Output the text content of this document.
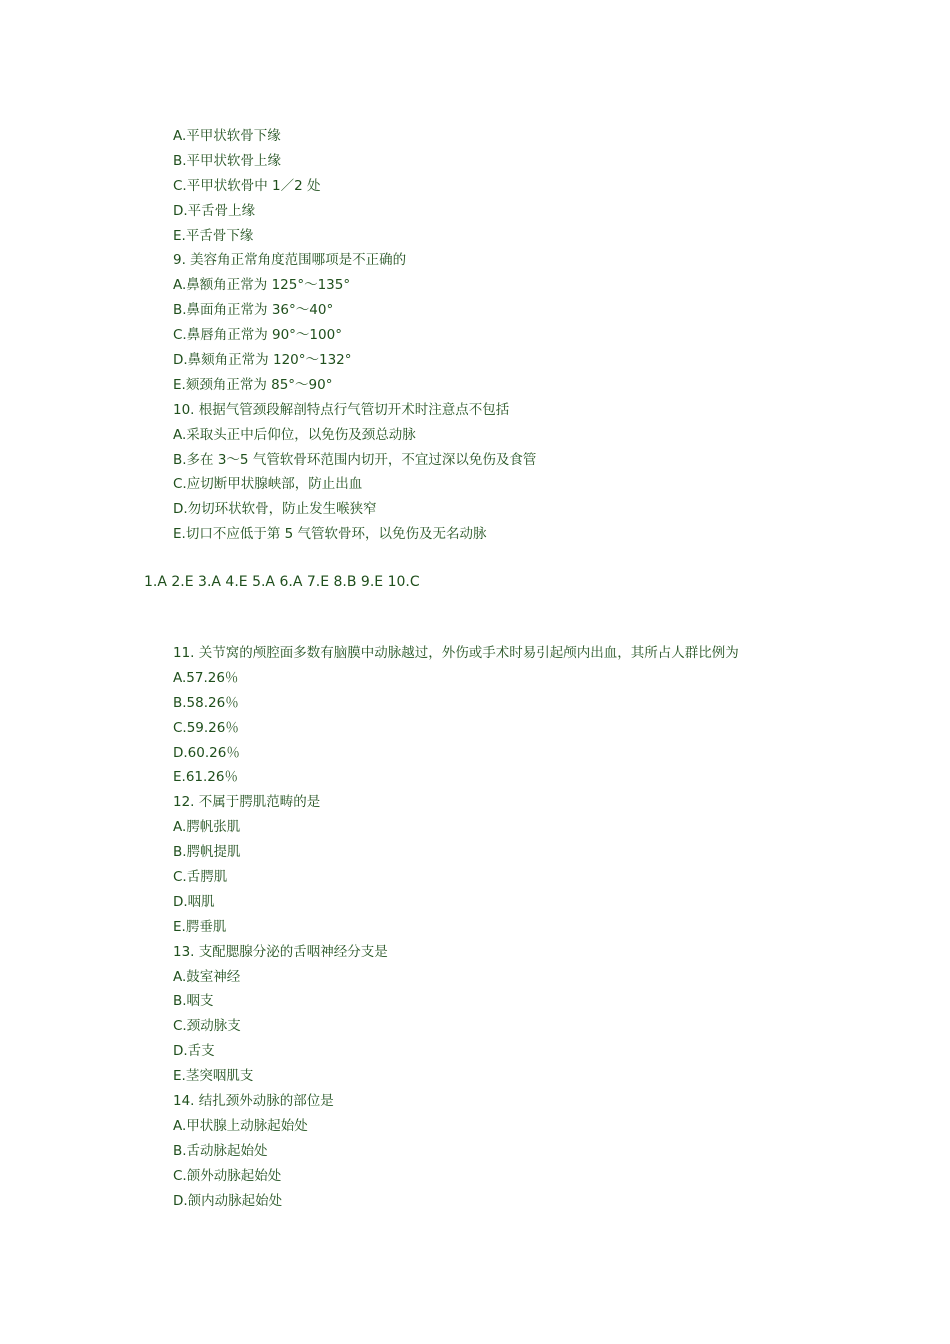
A.平甲状软骨下缘
B.平甲状软骨上缘
C.平甲状软骨中 1／2 处
D.平舌骨上缘
E.平舌骨下缘
9. 美容角正常角度范围哪项是不正确的
A.鼻额角正常为 125°～135°
B.鼻面角正常为 36°～40°
C.鼻唇角正常为 90°～100°
D.鼻颏角正常为 120°～132°
E.颏颈角正常为 85°～90°
10. 根据气管颈段解剖特点行气管切开术时注意点不包括
A.采取头正中后仰位，以免伤及颈总动脉
B.多在 3～5 气管软骨环范围内切开，不宜过深以免伤及食管
C.应切断甲状腺峡部，防止出血
D.勿切环状软骨，防止发生喉狭窄
E.切口不应低于第 5 气管软骨环，以免伤及无名动脉
1.A 2.E 3.A 4.E 5.A 6.A 7.E 8.B 9.E 10.C
11. 关节窝的颅腔面多数有脑膜中动脉越过，外伤或手术时易引起颅内出血，其所占人群比例为
A.57.26％
B.58.26％
C.59.26％
D.60.26％
E.61.26％
12. 不属于腭肌范畴的是
A.腭帆张肌
B.腭帆提肌
C.舌腭肌
D.咽肌
E.腭垂肌
13. 支配腮腺分泌的舌咽神经分支是
A.鼓室神经
B.咽支
C.颈动脉支
D.舌支
E.茎突咽肌支
14. 结扎颈外动脉的部位是
A.甲状腺上动脉起始处
B.舌动脉起始处
C.颌外动脉起始处
D.颌内动脉起始处
